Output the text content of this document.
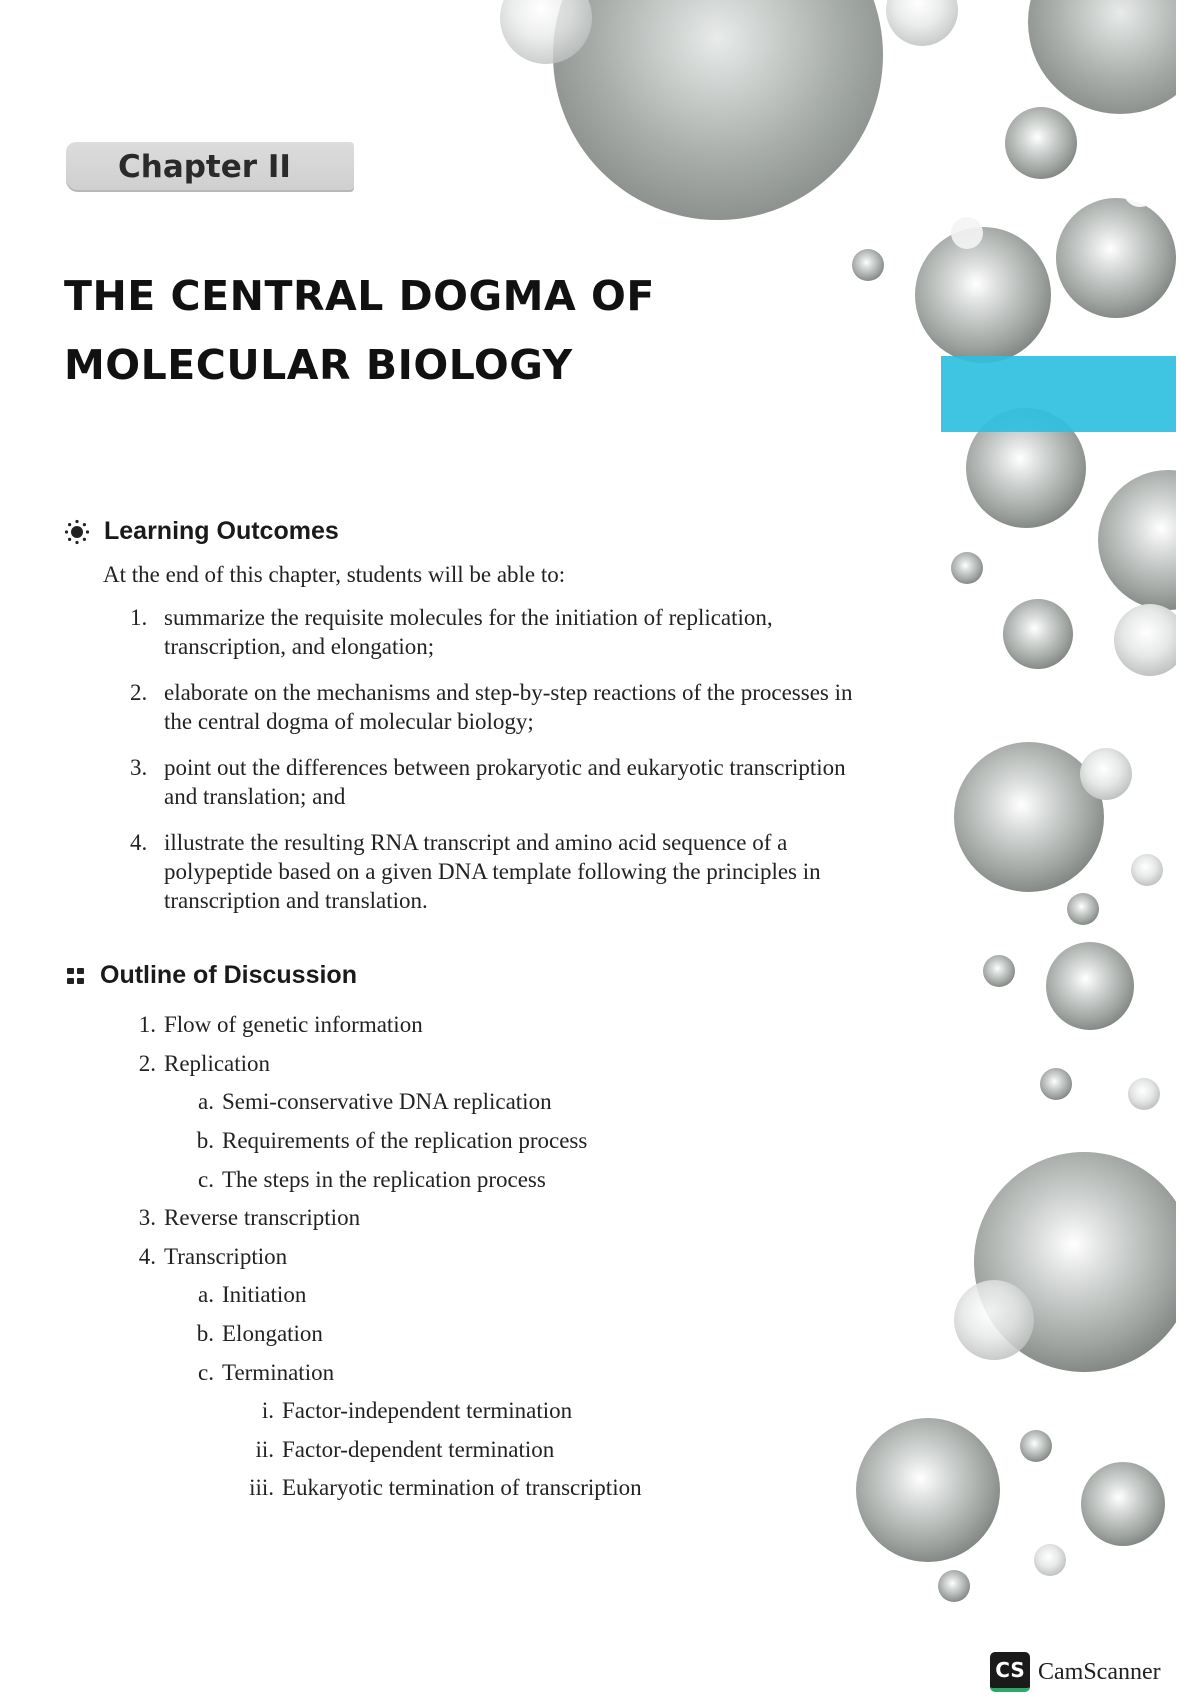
Chapter II
THE CENTRAL DOGMA OF
MOLECULAR BIOLOGY
Learning Outcomes

At the end of this chapter, students will be able to:

1. summarize the requisite molecules for the initiation of replication, transcription, and elongation;
2. elaborate on the mechanisms and step-by-step reactions of the processes in the central dogma of molecular biology;
3. point out the differences between prokaryotic and eukaryotic transcription and translation; and
4. illustrate the resulting RNA transcript and amino acid sequence of a polypeptide based on a given DNA template following the principles in transcription and translation.
Outline of Discussion
1. Flow of genetic information
2. Replication
a. Semi-conservative DNA replication
b. Requirements of the replication process
c. The steps in the replication process
3. Reverse transcription
4. Transcription
a. Initiation
b. Elongation
c. Termination
i. Factor-independent termination
ii. Factor-dependent termination
iii. Eukaryotic termination of transcription
CS CamScanner
